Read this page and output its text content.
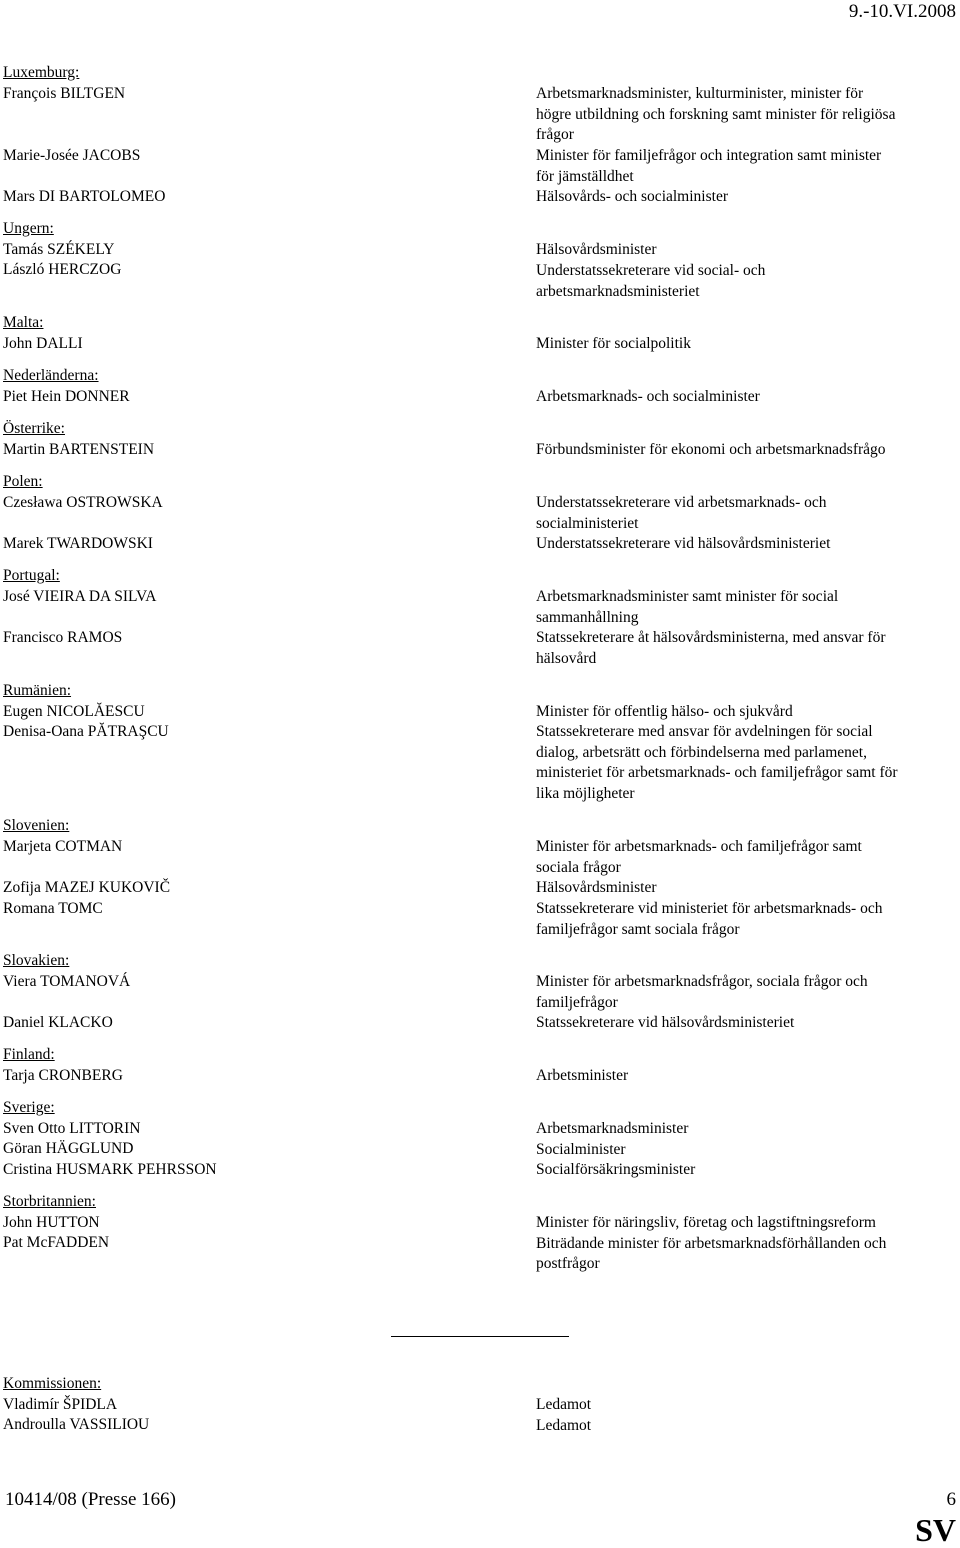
9.-10.VI.2008
Luxemburg:
François BILTGEN
Marie-Josée JACOBS
Mars DI BARTOLOMEO
Ungern:
Tamás SZÉKELY
László HERCZOG
Malta:
John DALLI
Nederländerna:
Piet Hein DONNER
Österrike:
Martin BARTENSTEIN
Polen:
Czesława OSTROWSKA
Marek TWARDOWSKI
Portugal:
José VIEIRA DA SILVA
Francisco RAMOS
Rumänien:
Eugen NICOLĂESCU
Denisa-Oana PĂTRAŞCU
Slovenien:
Marjeta COTMAN
Zofija MAZEJ KUKOVIČ
Romana TOMC
Slovakien:
Viera TOMANOVÁ
Daniel KLACKO
Finland:
Tarja CRONBERG
Sverige:
Sven Otto LITTORIN
Göran HÄGGLUND
Cristina HUSMARK PEHRSSON
Storbritannien:
John HUTTON
Pat McFADDEN
Kommissionen:
Vladimír ŠPIDLA
Androulla VASSILIOU
Arbetsmarknadsminister, kulturminister, minister för
högre utbildning och forskning samt minister för religiösa
frågor
Minister för familjefrågor och integration samt minister
för jämställdhet
Hälsovårds- och socialminister
Hälsovårdsminister
Understatssekreterare vid social- och
arbetsmarknadsministeriet
Minister för socialpolitik
Arbetsmarknads- och socialminister
Förbundsminister för ekonomi och arbetsmarknadsfrågo
Understatssekreterare vid arbetsmarknads- och
socialministeriet
Understatssekreterare vid hälsovårdsministeriet
Arbetsmarknadsminister samt minister för social
sammanhållning
Statssekreterare åt hälsovårdsministerna, med ansvar för
hälsovård
Minister för offentlig hälso- och sjukvård
Statssekreterare med ansvar för avdelningen för social
dialog, arbetsrätt och förbindelserna med parlamenet,
ministeriet för arbetsmarknads- och familjefrågor samt för
lika möjligheter
Minister för arbetsmarknads- och familjefrågor samt
sociala frågor
Hälsovårdsminister
Statssekreterare vid ministeriet för arbetsmarknads- och
familjefrågor samt sociala frågor
Minister för arbetsmarknadsfrågor, sociala frågor och
familjefrågor
Statssekreterare vid hälsovårdsministeriet
Arbetsminister
Arbetsmarknadsminister
Socialminister
Socialförsäkringsminister
Minister för näringsliv, företag och lagstiftningsreform
Biträdande minister för arbetsmarknadsförhållanden och
postfrågor
Ledamot
Ledamot
10414/08 (Presse 166)	6
SV
